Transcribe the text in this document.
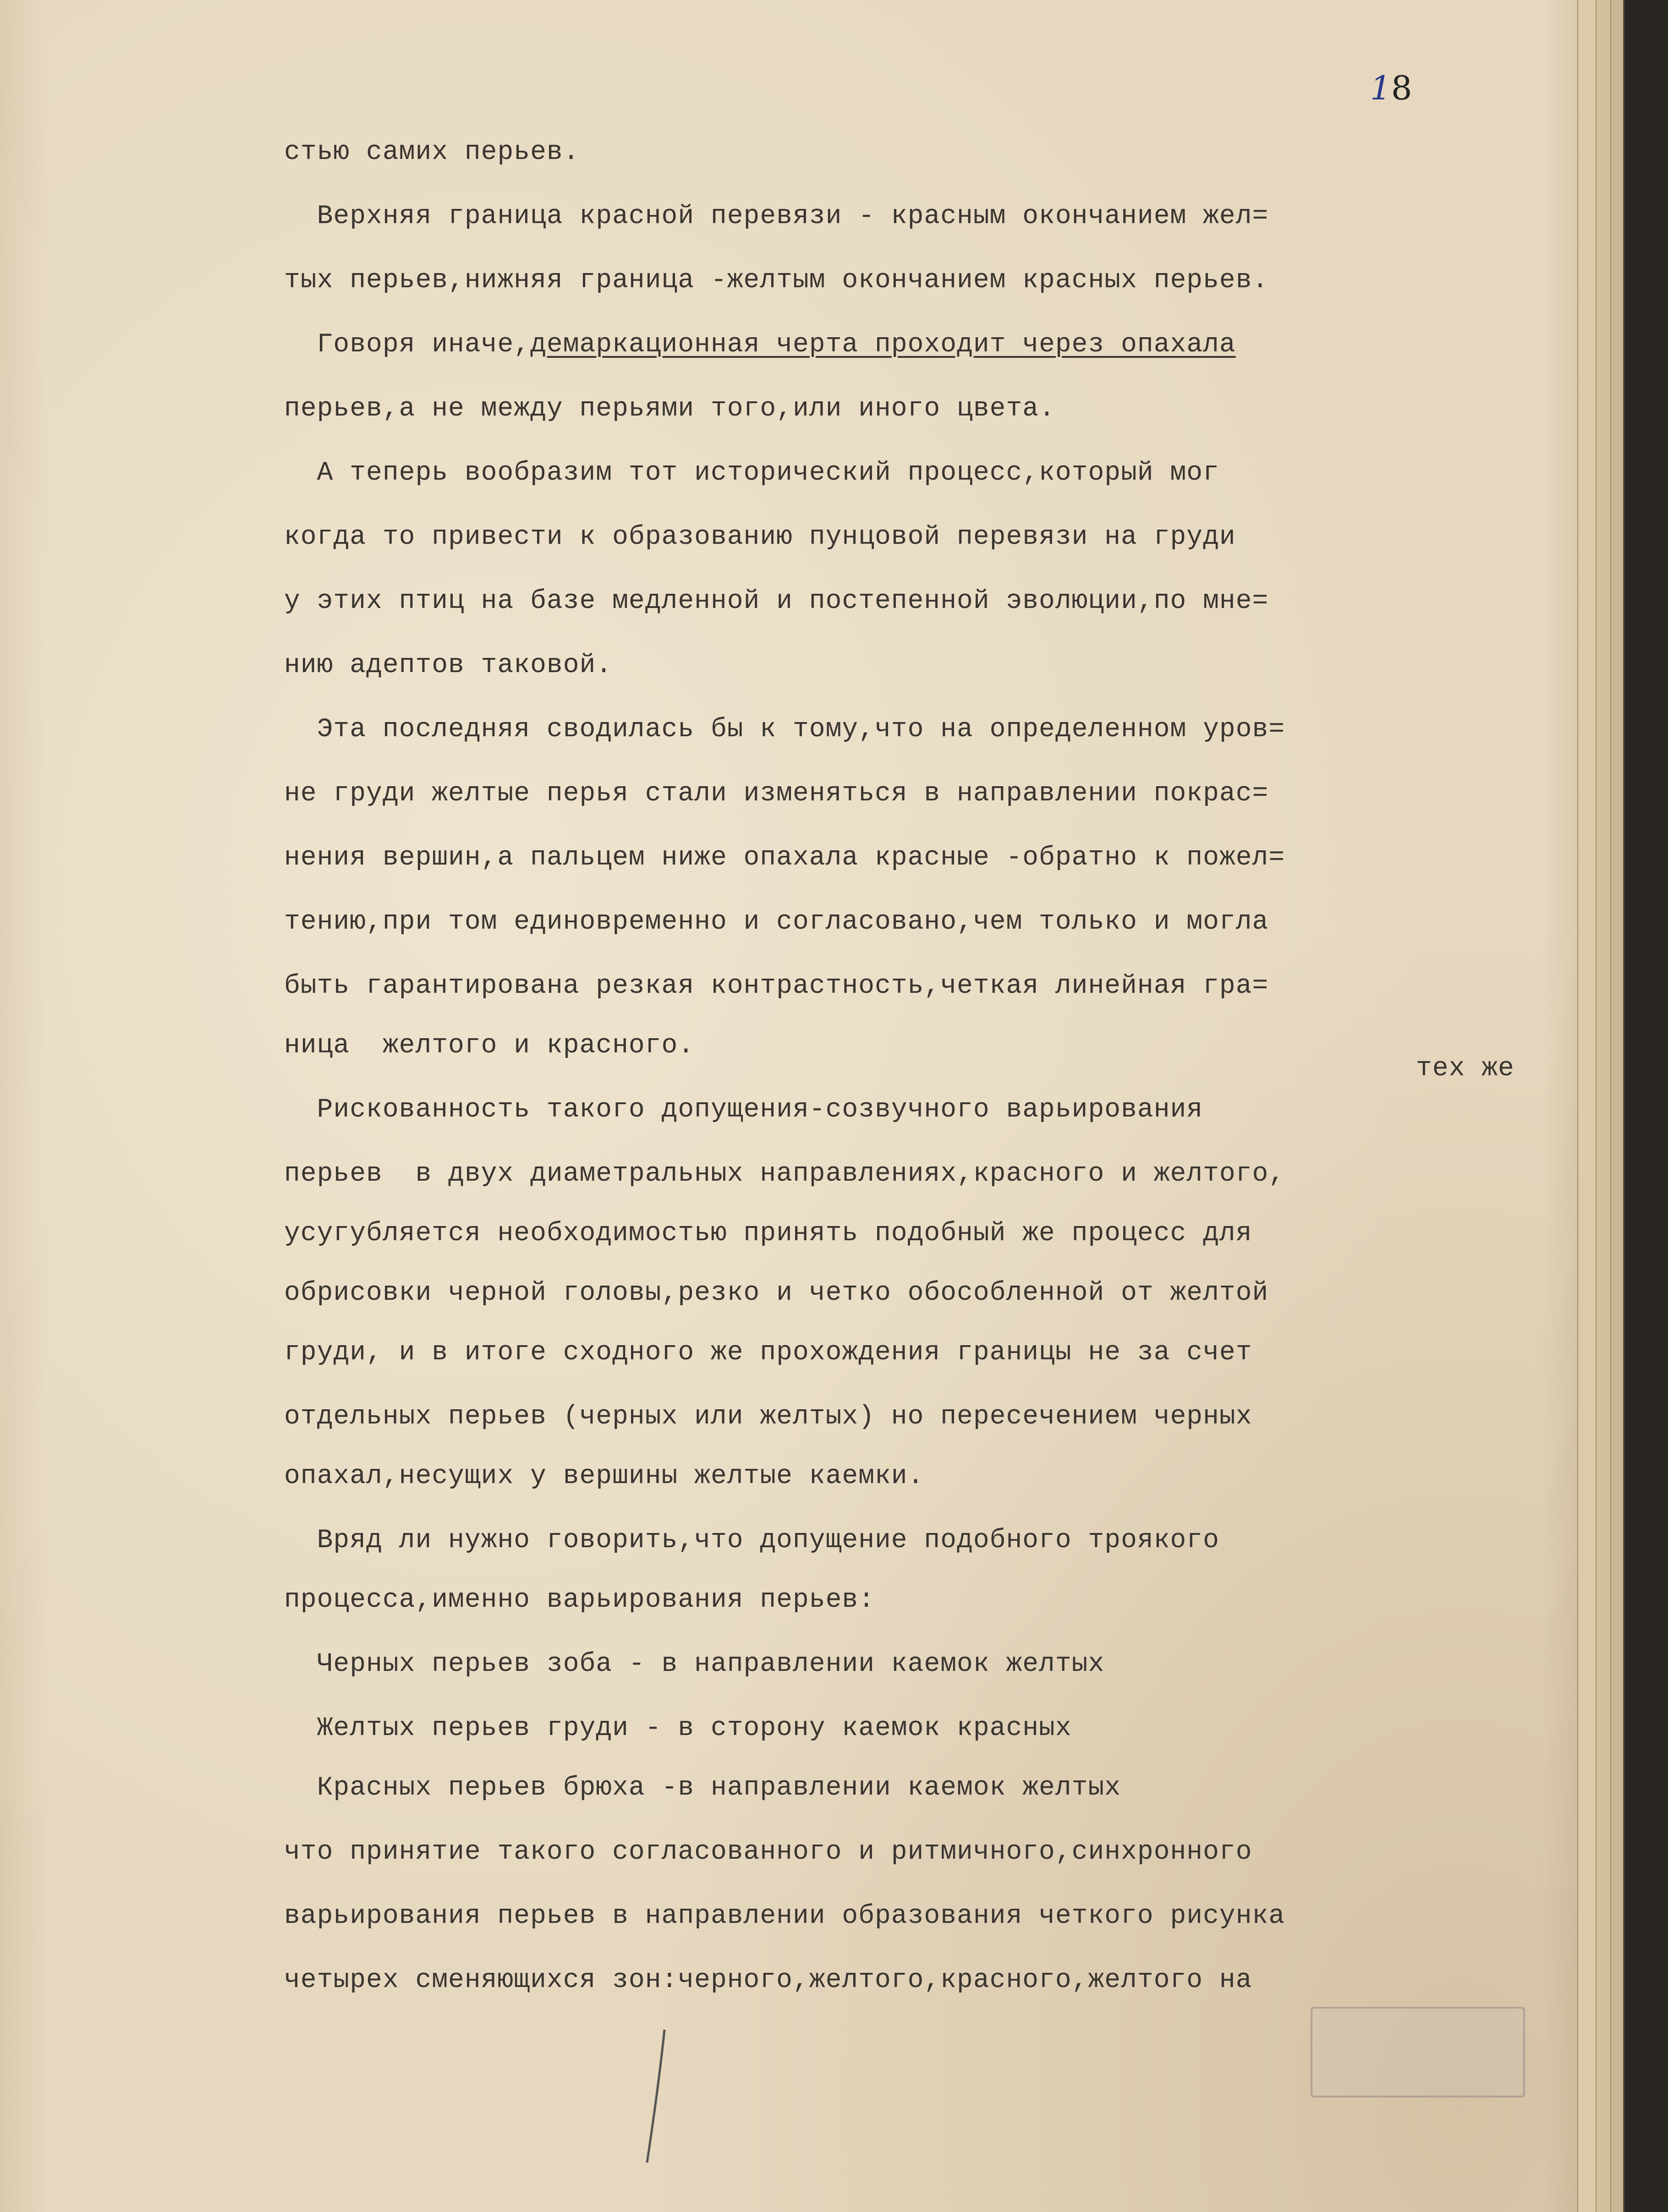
18
стью самих перьев.
Верхняя граница красной перевязи - красным окончанием жел=
тых перьев,нижняя граница -желтым окончанием красных перьев.
Говоря иначе,демаркационная черта проходит через опахала
перьев,а не между перьями того,или иного цвета.
А теперь вообразим тот исторический процесс,который мог
когда то привести к образованию пунцовой перевязи на груди
у этих птиц на базе медленной и постепенной эволюции,по мне=
нию адептов таковой.
Эта последняя сводилась бы к тому,что на определенном уров=
не груди желтые перья стали изменяться в направлении покрас=
нения вершин,а пальцем ниже опахала красные -обратно к пожел=
тению,при том единовременно и согласовано,чем только и могла
быть гарантирована резкая контрастность,четкая линейная гра=
ница  желтого и красного.
тех же
Рискованность такого допущения-созвучного варьирования
перьев  в двух диаметральных направлениях,красного и желтого,
усугубляется необходимостью принять подобный же процесс для
обрисовки черной головы,резко и четко обособленной от желтой
груди, и в итоге сходного же прохождения границы не за счет
отдельных перьев (черных или желтых) но пересечением черных
опахал,несущих у вершины желтые каемки.
Вряд ли нужно говорить,что допущение подобного троякого
процесса,именно варьирования перьев:
Черных перьев зоба - в направлении каемок желтых
Желтых перьев груди - в сторону каемок красных
Красных перьев брюха -в направлении каемок желтых
что принятие такого согласованного и ритмичного,синхронного
варьирования перьев в направлении образования четкого рисунка
четырех сменяющихся зон:черного,желтого,красного,желтого на
